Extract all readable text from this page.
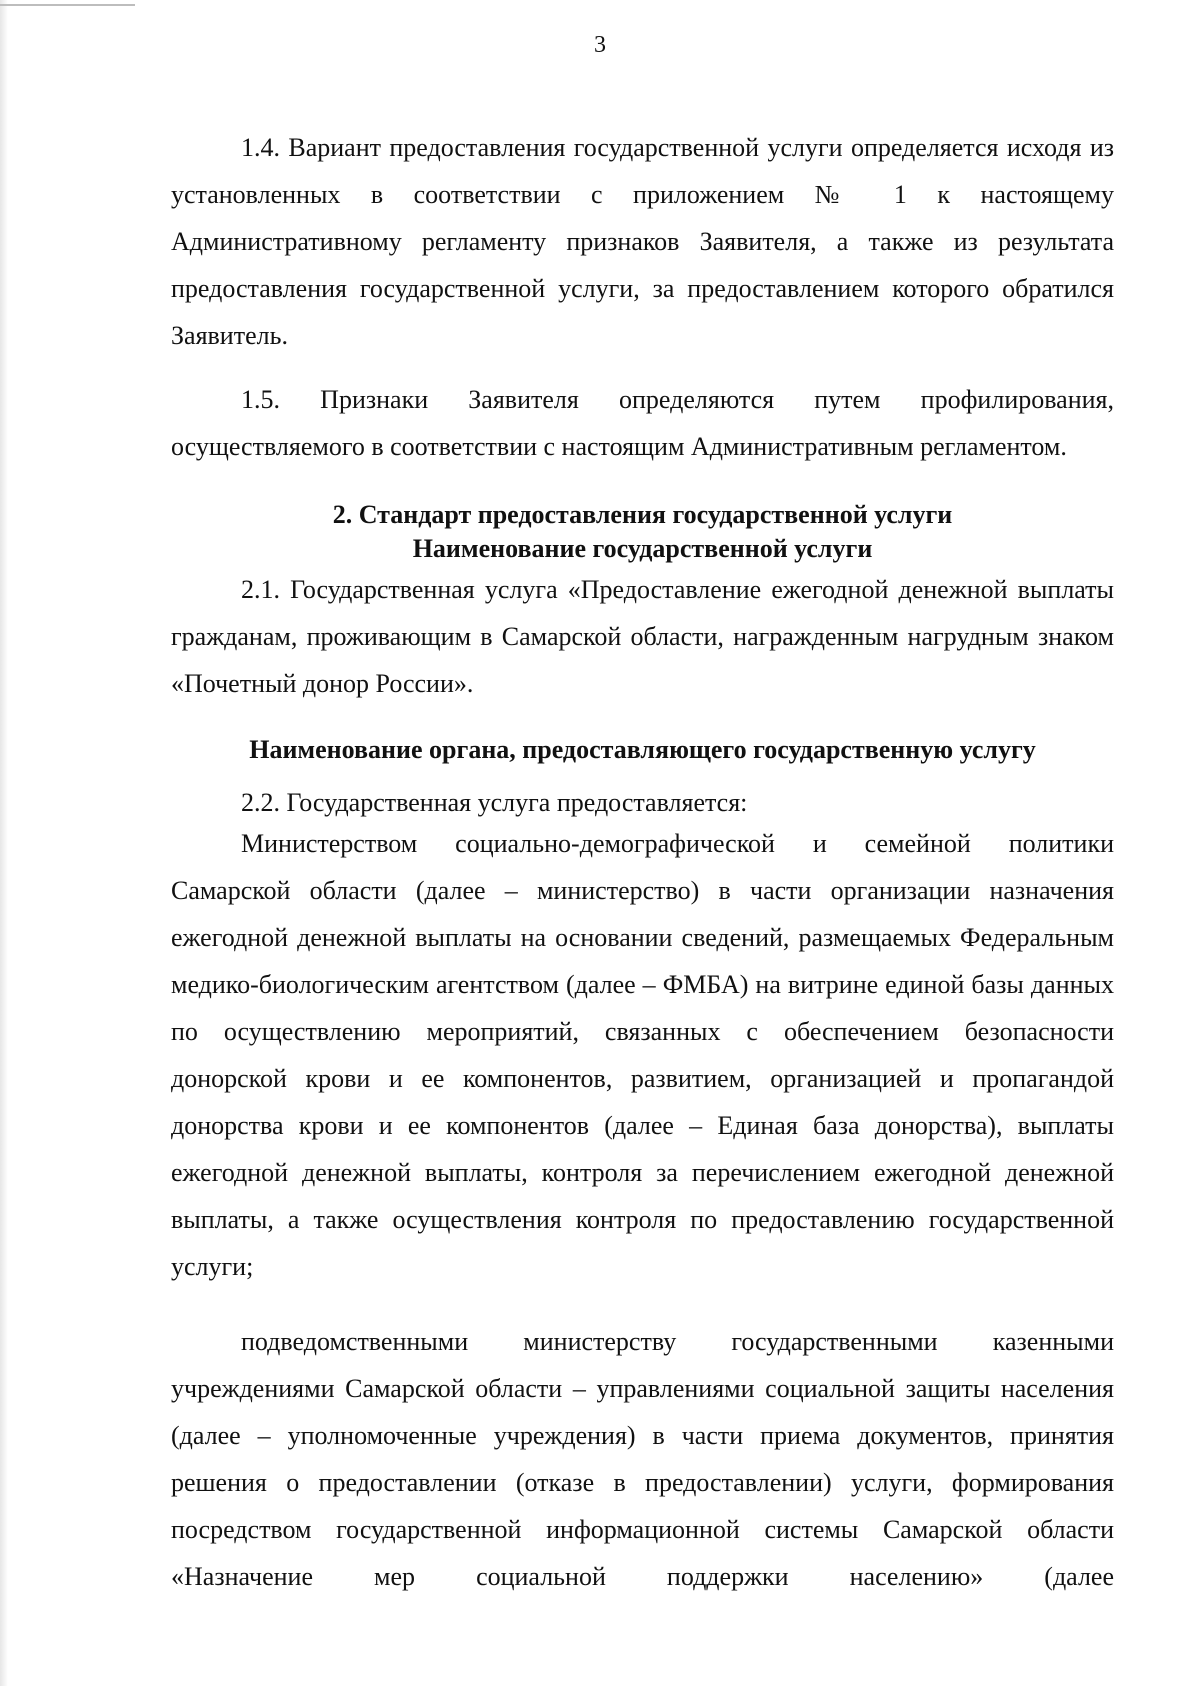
3

1.4. Вариант предоставления государственной услуги определяется исходя из установленных в соответствии с приложением № 1 к настоящему Административному регламенту признаков Заявителя, а также из результата предоставления государственной услуги, за предоставлением которого обратился Заявитель.

1.5. Признаки Заявителя определяются путем профилирования, осуществляемого в соответствии с настоящим Административным регламентом.

2. Стандарт предоставления государственной услуги

Наименование государственной услуги

2.1. Государственная услуга «Предоставление ежегодной денежной выплаты гражданам, проживающим в Самарской области, награжденным нагрудным знаком «Почетный донор России».

Наименование органа, предоставляющего государственную услугу

2.2. Государственная услуга предоставляется:

Министерством социально-демографической и семейной политики Самарской области (далее – министерство) в части организации назначения ежегодной денежной выплаты на основании сведений, размещаемых Федеральным медико-биологическим агентством (далее – ФМБА) на витрине единой базы данных по осуществлению мероприятий, связанных с обеспечением безопасности донорской крови и ее компонентов, развитием, организацией и пропагандой донорства крови и ее компонентов (далее – Единая база донорства), выплаты ежегодной денежной выплаты, контроля за перечислением ежегодной денежной выплаты, а также осуществления контроля по предоставлению государственной услуги;

подведомственными министерству государственными казенными учреждениями Самарской области – управлениями социальной защиты населения (далее – уполномоченные учреждения) в части приема документов, принятия решения о предоставлении (отказе в предоставлении) услуги, формирования посредством государственной информационной системы Самарской области «Назначение мер социальной поддержки населению» (далее
